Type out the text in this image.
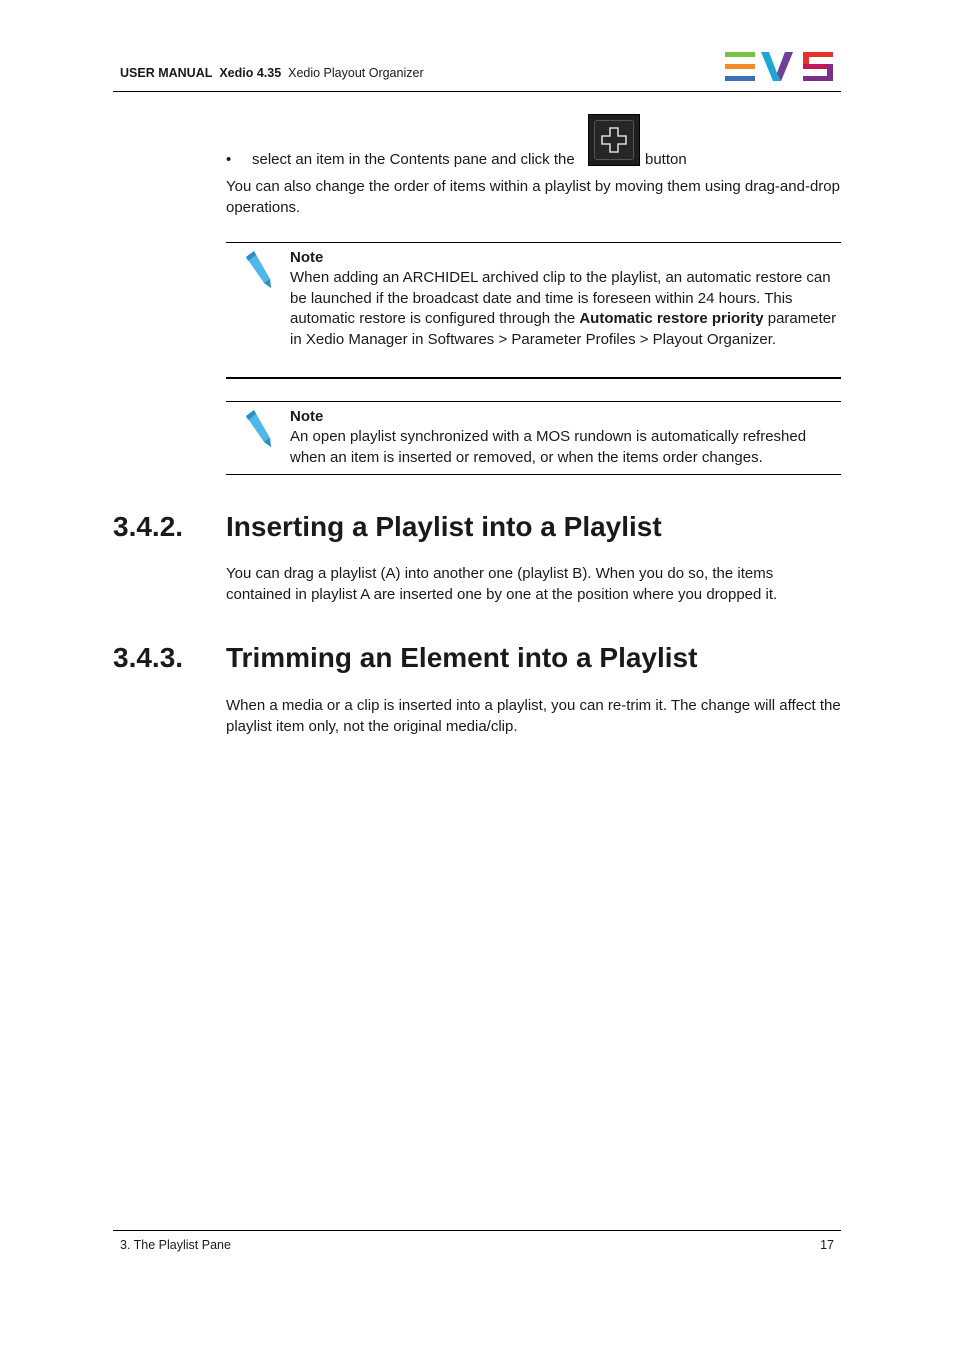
USER MANUAL Xedio 4.35 Xedio Playout Organizer
• select an item in the Contents pane and click the	button

You can also change the order of items within a playlist by moving them using drag-and-drop operations.

Note
When adding an ARCHIDEL archived clip to the playlist, an automatic restore can be launched if the broadcast date and time is foreseen within 24 hours. This automatic restore is configured through the Automatic restore priority parameter in Xedio Manager in Softwares > Parameter Profiles > Playout Organizer.
Note
An open playlist synchronized with a MOS rundown is automatically refreshed when an item is inserted or removed, or when the items order changes.
3.4.2. Inserting a Playlist into a Playlist

You can drag a playlist (A) into another one (playlist B). When you do so, the items contained in playlist A are inserted one by one at the position where you dropped it.

3.4.3. Trimming an Element into a Playlist

When a media or a clip is inserted into a playlist, you can re-trim it. The change will affect the playlist item only, not the original media/clip.

3. The Playlist Pane	17
